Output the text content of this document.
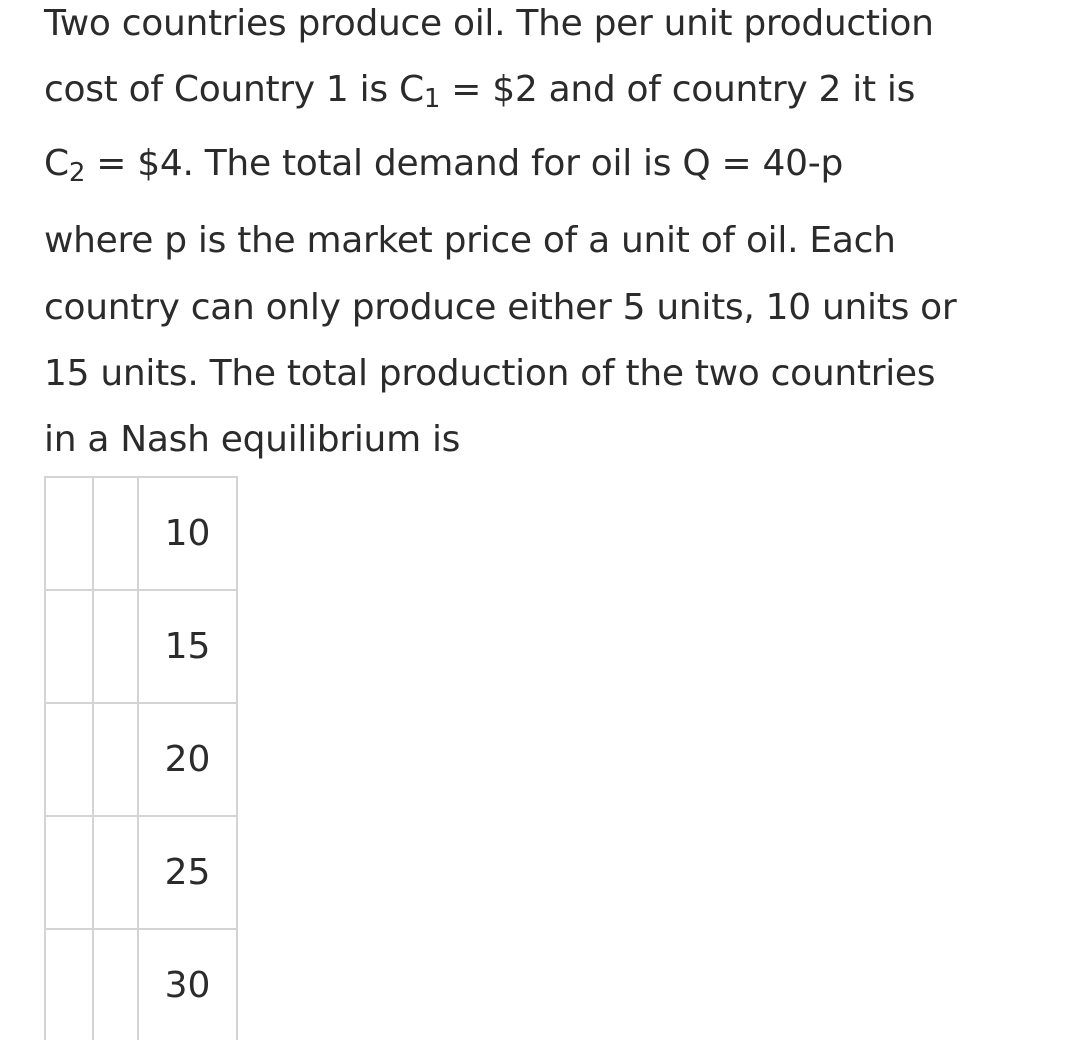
Two countries produce oil. The per unit production
cost of Country 1 is $C_1$ = $2 and of country 2 it is
$C_2$ = $4. The total demand for oil is Q = 40-p
where p is the market price of a unit of oil. Each
country can only produce either 5 units, 10 units or
15 units. The total production of the two countries
in a Nash equilibrium is
10
15
20
25
30
